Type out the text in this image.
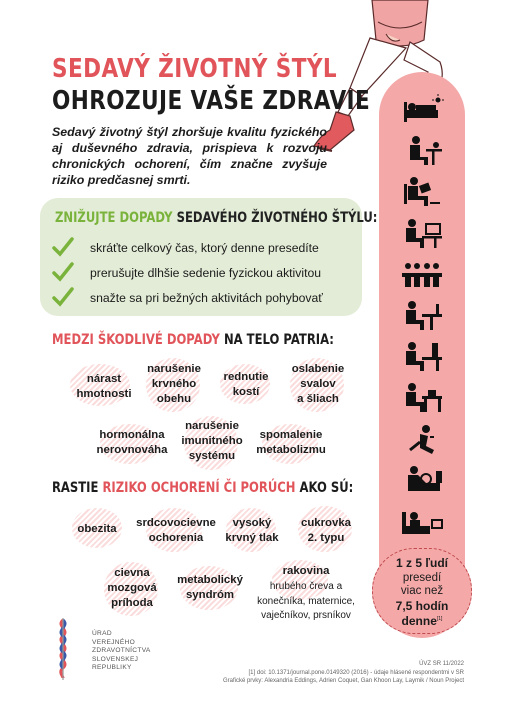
SEDAVÝ ŽIVOTNÝ ŠTÝL
OHROZUJE VAŠE ZDRAVIE

Sedavý životný štýl zhoršuje kvalitu fyzického aj duševného zdravia, prispieva k rozvoju chronických ochorení, čím značne zvyšuje riziko predčasnej smrti.

1 z 5 ľudí
presedí
viac než
7,5 hodín
denne[1]
ZNIŽUJTE DOPADY SEDAVÉHO ŽIVOTNÉHO ŠTÝLU:
skráťte celkový čas, ktorý denne presedíte
prerušujte dlhšie sedenie fyzickou aktivitou
snažte sa pri bežných aktivitách pohybovať
MEDZI ŠKODLIVÉ DOPADY NA TELO PATRIA:
nárast
hmotnosti
narušenie
krvného
obehu
rednutie
kostí
oslabenie
svalov
a šliach
hormonálna
nerovnováha
narušenie
imunitného
systému
spomalenie
metabolizmu
RASTIE RIZIKO OCHORENÍ ČI PORÚCH AKO SÚ:
obezita	srdcovocievne
ochorenia
vysoký
krvný tlak
cukrovka
2. typu
cievna
mozgová
príhoda
metabolický
syndróm
rakovina
hrubého čreva a
konečníka, maternice,
vaječníkov, prsníkov
ÚRAD
VEREJNÉHO
ZDRAVOTNÍCTVA
SLOVENSKEJ
REPUBLIKY
ÚVZ SR 11/2022
[1] doi: 10.1371/journal.pone.0149320 (2016) - údaje hlásené respondentmi v SR
Grafické prvky: Alexandria Eddings, Adrien Coquet, Gan Khoon Lay, Laymik / Noun Project
